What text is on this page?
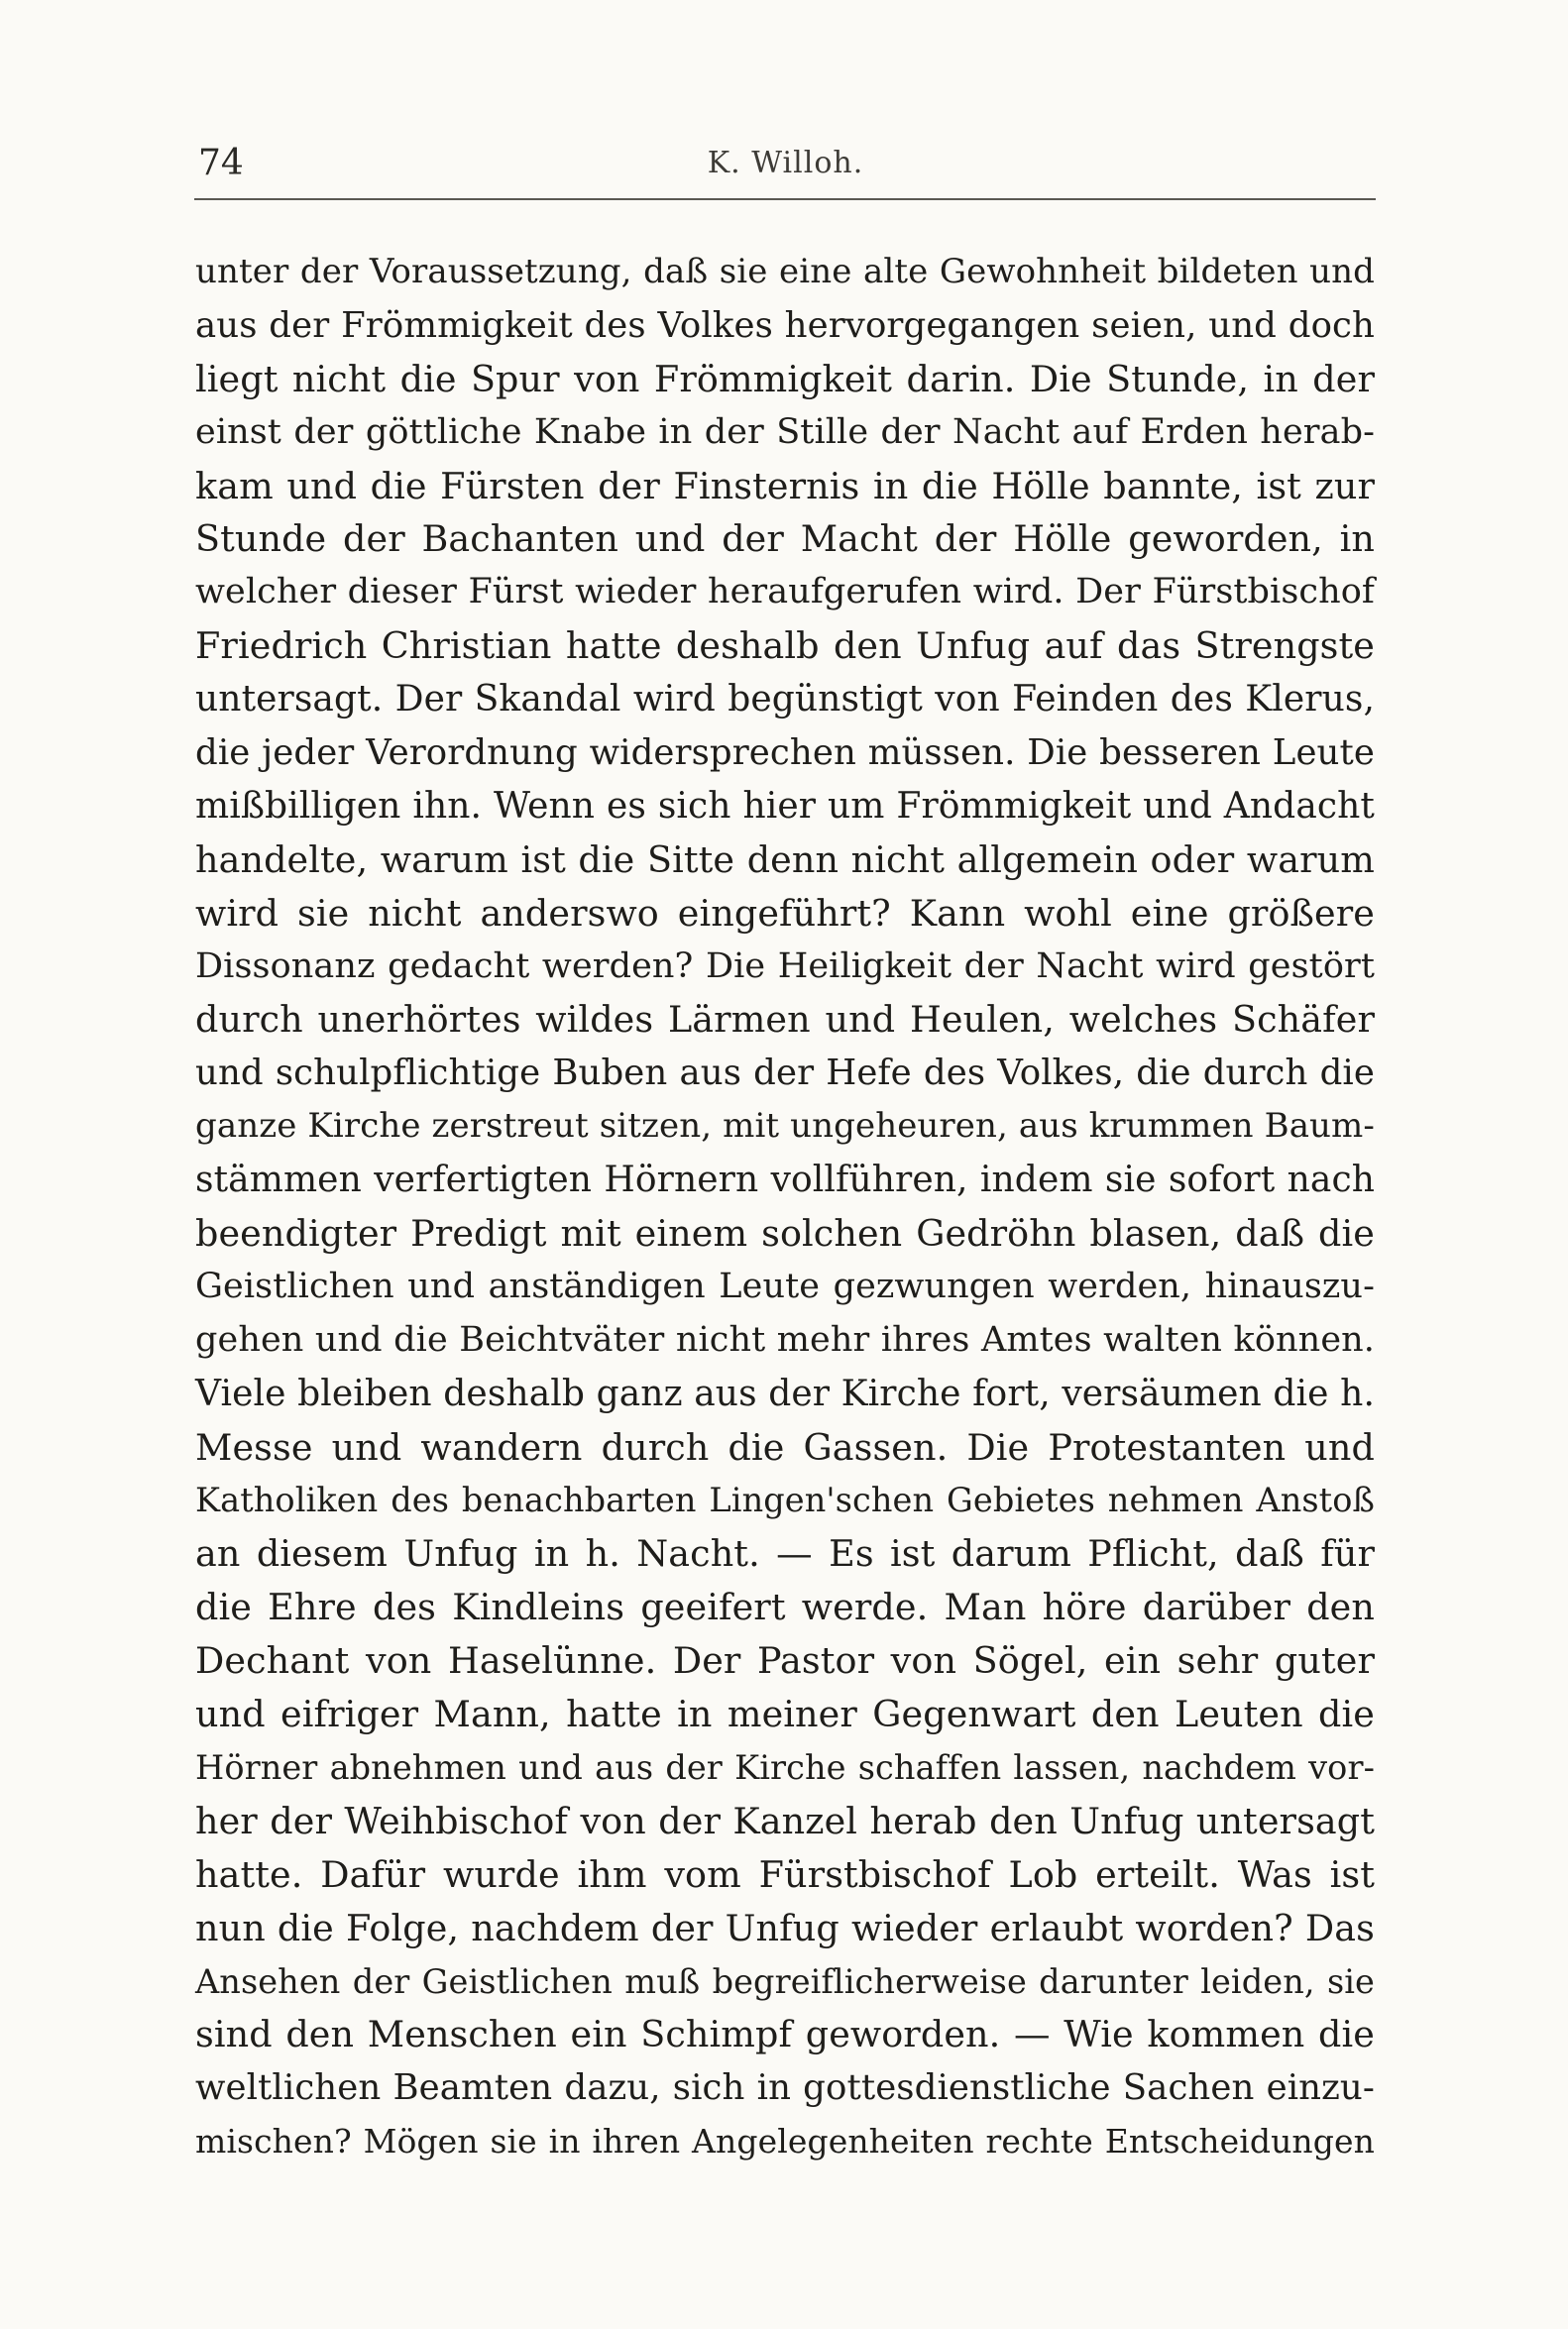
74	K. Willoh.
unter der Voraussetzung, daß sie eine alte Gewohnheit bildeten und
aus der Frömmigkeit des Volkes hervorgegangen seien, und doch
liegt nicht die Spur von Frömmigkeit darin. Die Stunde, in der
einst der göttliche Knabe in der Stille der Nacht auf Erden herab-
kam und die Fürsten der Finsternis in die Hölle bannte, ist zur
Stunde der Bachanten und der Macht der Hölle geworden, in
welcher dieser Fürst wieder heraufgerufen wird. Der Fürstbischof
Friedrich Christian hatte deshalb den Unfug auf das Strengste
untersagt. Der Skandal wird begünstigt von Feinden des Klerus,
die jeder Verordnung widersprechen müssen. Die besseren Leute
mißbilligen ihn. Wenn es sich hier um Frömmigkeit und Andacht
handelte, warum ist die Sitte denn nicht allgemein oder warum
wird sie nicht anderswo eingeführt? Kann wohl eine größere
Dissonanz gedacht werden? Die Heiligkeit der Nacht wird gestört
durch unerhörtes wildes Lärmen und Heulen, welches Schäfer
und schulpflichtige Buben aus der Hefe des Volkes, die durch die
ganze Kirche zerstreut sitzen, mit ungeheuren, aus krummen Baum-
stämmen verfertigten Hörnern vollführen, indem sie sofort nach
beendigter Predigt mit einem solchen Gedröhn blasen, daß die
Geistlichen und anständigen Leute gezwungen werden, hinauszu-
gehen und die Beichtväter nicht mehr ihres Amtes walten können.
Viele bleiben deshalb ganz aus der Kirche fort, versäumen die h.
Messe und wandern durch die Gassen. Die Protestanten und
Katholiken des benachbarten Lingen'schen Gebietes nehmen Anstoß
an diesem Unfug in h. Nacht. — Es ist darum Pflicht, daß für
die Ehre des Kindleins geeifert werde. Man höre darüber den
Dechant von Haselünne. Der Pastor von Sögel, ein sehr guter
und eifriger Mann, hatte in meiner Gegenwart den Leuten die
Hörner abnehmen und aus der Kirche schaffen lassen, nachdem vor-
her der Weihbischof von der Kanzel herab den Unfug untersagt
hatte. Dafür wurde ihm vom Fürstbischof Lob erteilt. Was ist
nun die Folge, nachdem der Unfug wieder erlaubt worden? Das
Ansehen der Geistlichen muß begreiflicherweise darunter leiden, sie
sind den Menschen ein Schimpf geworden. — Wie kommen die
weltlichen Beamten dazu, sich in gottesdienstliche Sachen einzu-
mischen? Mögen sie in ihren Angelegenheiten rechte Entscheidungen
